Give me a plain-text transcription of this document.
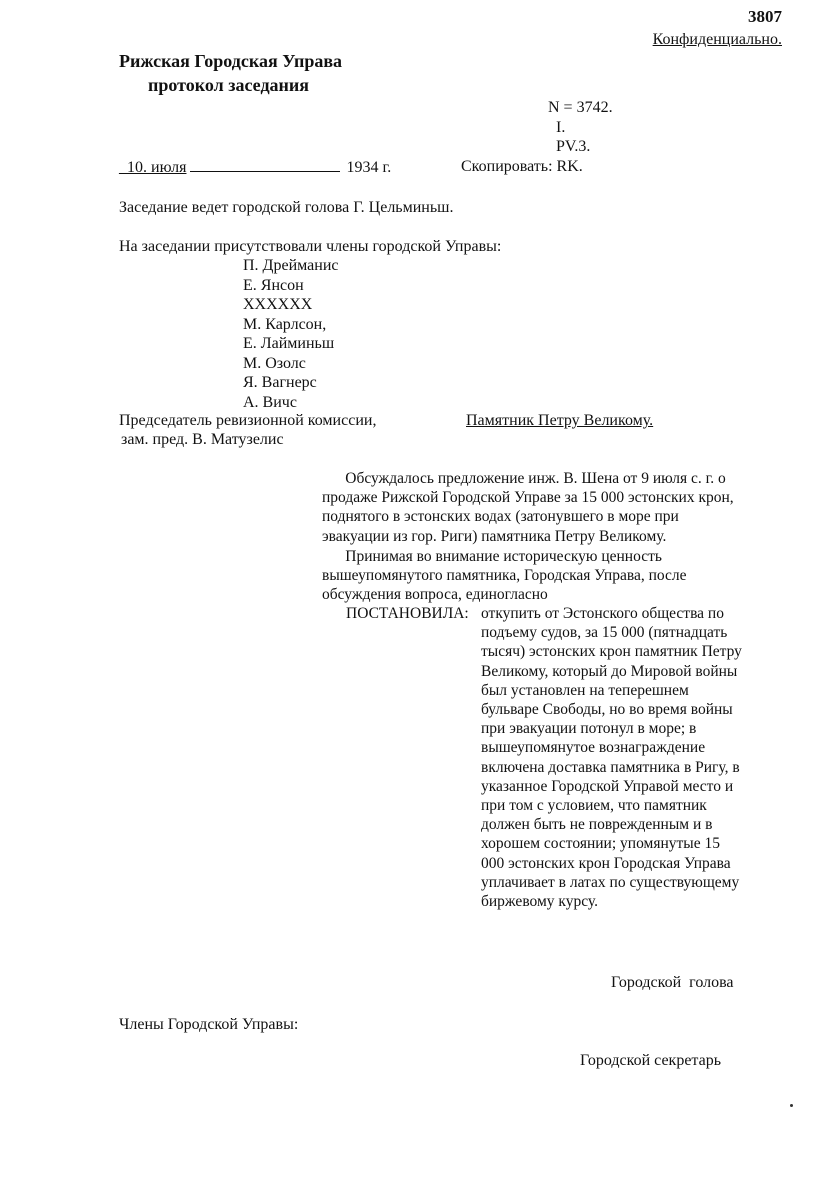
3807
Конфиденциально.
Рижская Городская Управа
протокол заседания
N = 3742.
I.
PV.3.
_10. июля	1934 г.	Скопировать: RK.
Заседание ведет городской голова Г. Цельминьш.
На заседании присутствовали члены городской Управы:
П. Дрейманис
Е. Янсон
XXXXXX
М. Карлсон,
Е. Лайминьш
М. Озолс
Я. Вагнерс
А. Вичс
Председатель ревизионной комиссии,
зам. пред. В. Матузелис
Памятник Петру Великому.
Обсуждалось предложение инж. В. Шена от 9 июля с. г. о
продаже Рижской Городской Управе за 15 000 эстонских крон,
поднятого в эстонских водах (затонувшего в море при
эвакуации из гор. Риги) памятника Петру Великому.
Принимая во внимание историческую ценность
вышеупомянутого памятника, Городская Управа, после
обсуждения вопроса, единогласно
ПОСТАНОВИЛА: откупить от Эстонского общества по
подъему судов, за 15 000 (пятнадцать
тысяч) эстонских крон памятник Петру
Великому, который до Мировой войны
был установлен на теперешнем
бульваре Свободы, но во время войны
при эвакуации потонул в море; в
вышеупомянутое вознаграждение
включена доставка памятника в Ригу, в
указанное Городской Управой место и
при том с условием, что памятник
должен быть не поврежденным и в
хорошем состоянии; упомянутые 15
000 эстонских крон Городская Управа
уплачивает в латах по существующему
биржевому курсу.
Городской  голова
Члены Городской Управы:
Городской секретарь
